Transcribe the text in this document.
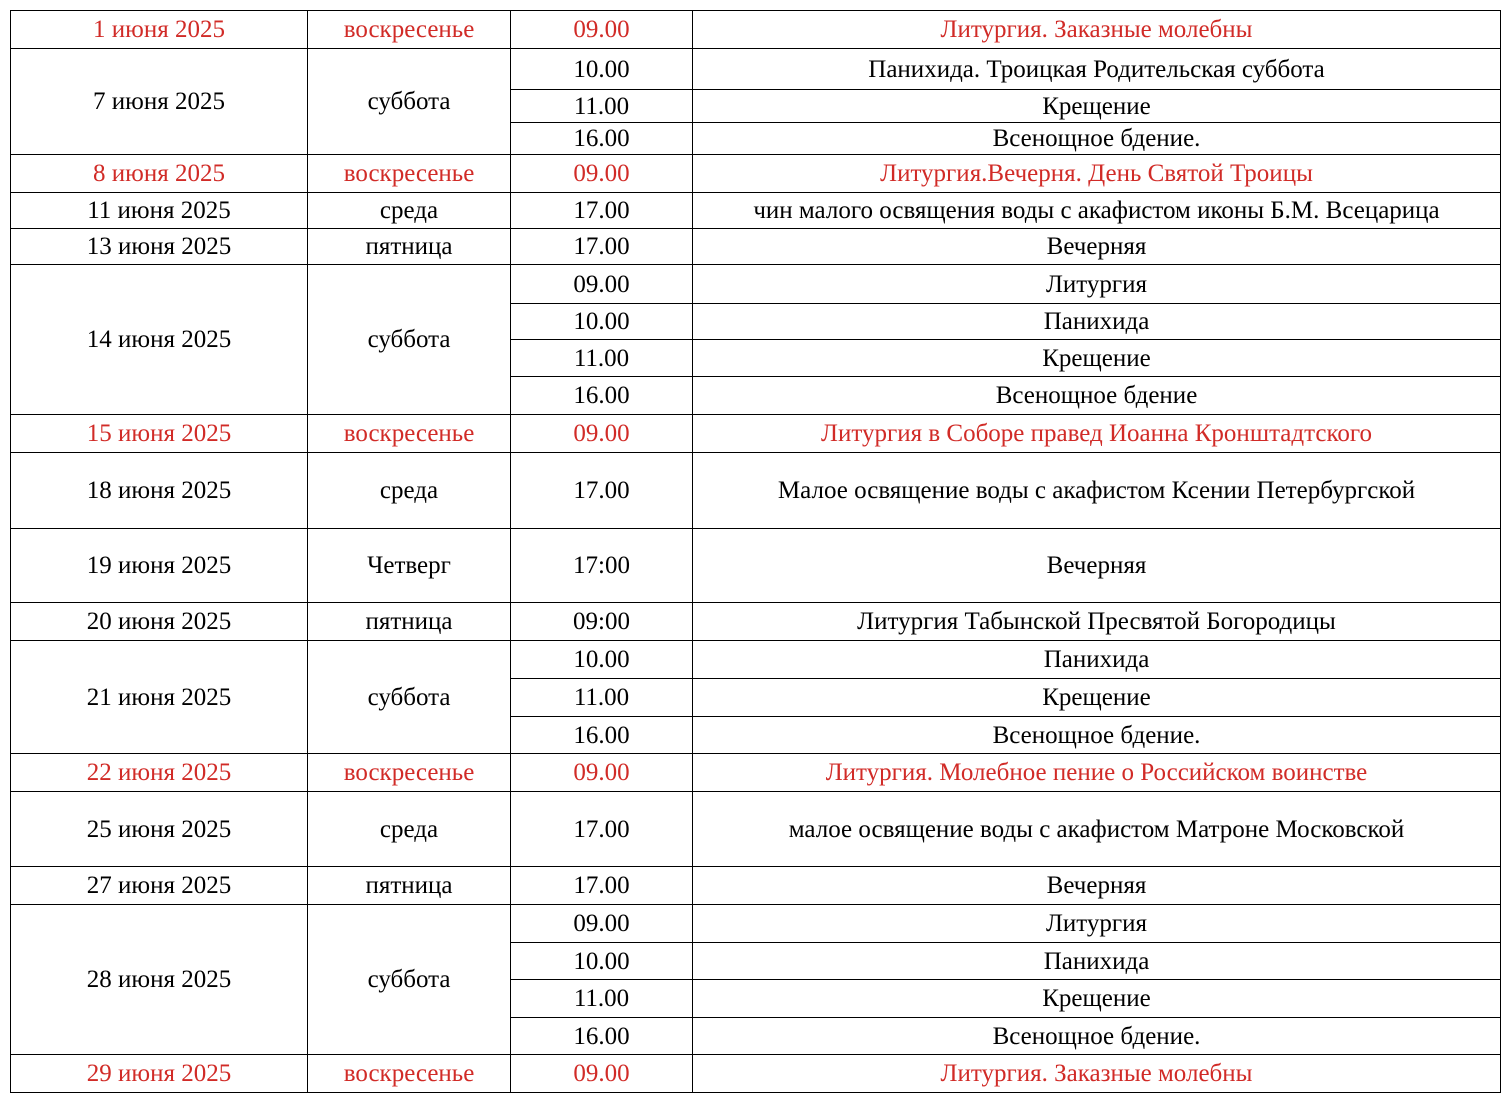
1 июня 2025	воскресенье	09.00	Литургия. Заказные молебны
7 июня 2025	суббота	10.00	Панихида. Троицкая Родительская суббота
		11.00	Крещение
		16.00	Всенощное бдение.
8 июня 2025	воскресенье	09.00	Литургия.Вечерня. День Святой Троицы
11 июня 2025	среда	17.00	чин малого освящения воды с акафистом иконы Б.М. Всецарица
13 июня 2025	пятница	17.00	Вечерняя
14 июня 2025	суббота	09.00	Литургия
		10.00	Панихида
		11.00	Крещение
		16.00	Всенощное бдение
15 июня 2025	воскресенье	09.00	Литургия в Соборе правед Иоанна Кронштадтского
18 июня 2025	среда	17.00	Малое освящение воды с акафистом Ксении Петербургской
19 июня 2025	Четверг	17:00	Вечерняя
20 июня 2025	пятница	09:00	Литургия Табынской Пресвятой Богородицы
21 июня 2025	суббота	10.00	Панихида
		11.00	Крещение
		16.00	Всенощное бдение.
22 июня 2025	воскресенье	09.00	Литургия. Молебное пение о Российском воинстве
25 июня 2025	среда	17.00	малое освящение воды с акафистом Матроне Московской
27 июня 2025	пятница	17.00	Вечерняя
28 июня 2025	суббота	09.00	Литургия
		10.00	Панихида
		11.00	Крещение
		16.00	Всенощное бдение.
29 июня 2025	воскресенье	09.00	Литургия. Заказные молебны
